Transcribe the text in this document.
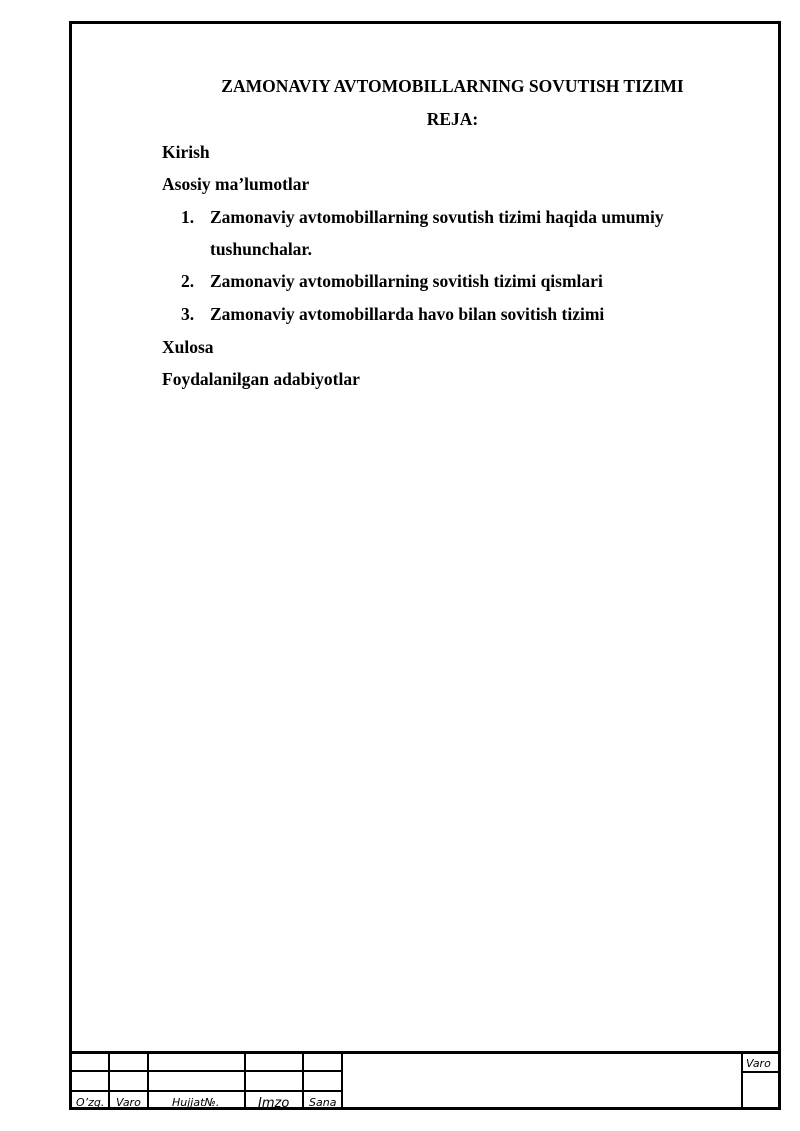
ZAMONAVIY AVTOMOBILLARNING SOVUTISH TIZIMI
REJA:
Kirish
Asosiy ma’lumotlar
1. Zamonaviy avtomobillarning sovutish tizimi haqida umumiy
tushunchalar.
2. Zamonaviy avtomobillarning sovitish tizimi qismlari
3. Zamonaviy avtomobillarda havo bilan sovitish tizimi
Xulosa
Foydalanilgan adabiyotlar
O’zg. Varo	Hujjat№.	Imzo Sana
Varo
